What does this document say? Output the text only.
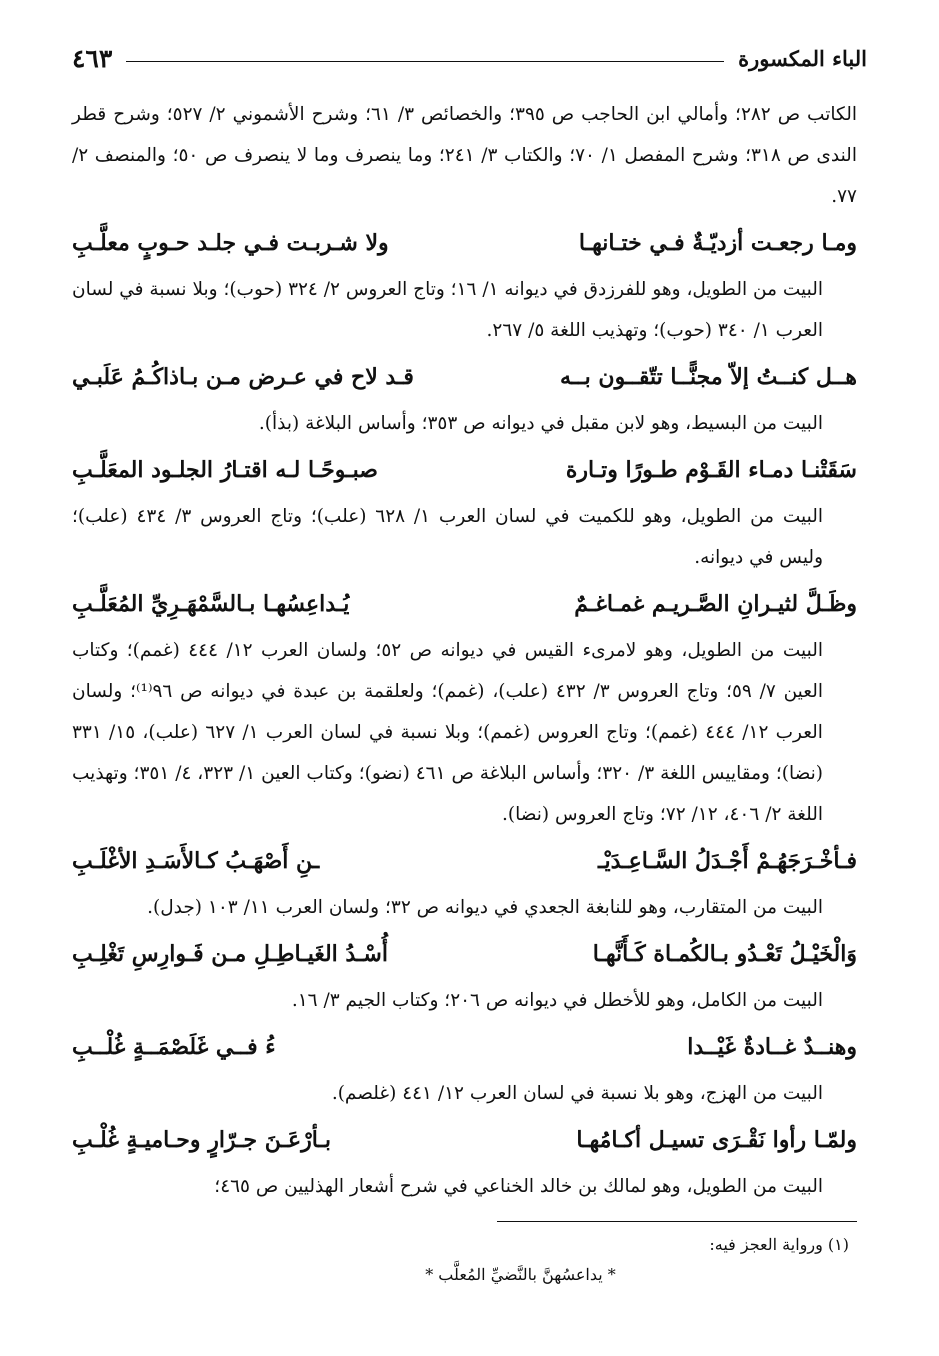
الباء المكسورة
٤٦٣

الكاتب ص ٢٨٢؛ وأمالي ابن الحاجب ص ٣٩٥؛ والخصائص ٣/ ٦١؛ وشرح الأشموني ٢/ ٥٢٧؛ وشرح قطر الندى ص ٣١٨؛ وشرح المفصل ١/ ٧٠؛ والكتاب ٣/ ٢٤١؛ وما ينصرف وما لا ينصرف ص ٥٠؛ والمنصف ٢/ ٧٧.

ومـا رجعـت أزديّـةٌ فـي ختـانهـا
ولا شـربـت فـي جلـد حـوبٍ معلَّـبِ

البيت من الطويل، وهو للفرزدق في ديوانه ١/ ١٦؛ وتاج العروس ٢/ ٣٢٤ (حوب)؛ وبلا نسبة في لسان العرب ١/ ٣٤٠ (حوب)؛ وتهذيب اللغة ٥/ ٢٦٧.

هــل كنــتُ إلاّ مجنًّــا تتّقــون بــه
قـد لاح في عـرض مـن بـاذاكُـمُ عَلَبـي

البيت من البسيط، وهو لابن مقبل في ديوانه ص ٣٥٣؛ وأساس البلاغة (بذأ).

سَقَتْنـا دمـاء القَـوْم طـورًا وتـارة
صبـوحًـا لـه اقتـارُ الجلـود المعَلَّـبِ

البيت من الطويل، وهو للكميت في لسان العرب ١/ ٦٢٨ (علب)؛ وتاج العروس ٣/ ٤٣٤ (علب)؛ وليس في ديوانه.

وظَـلَّ لثيـرانِ الصَّـريـم غمـاغـمٌ
يُـداعِسُهـا بـالسَّمْهَـرِيِّ المُعَلَّـبِ

البيت من الطويل، وهو لامرىء القيس في ديوانه ص ٥٢؛ ولسان العرب ١٢/ ٤٤٤ (غمم)؛ وكتاب العين ٧/ ٥٩؛ وتاج العروس ٣/ ٤٣٢ (علب)، (غمم)؛ ولعلقمة بن عبدة في ديوانه ص ٩٦⁽¹⁾؛ ولسان العرب ١٢/ ٤٤٤ (غمم)؛ وتاج العروس (غمم)؛ وبلا نسبة في لسان العرب ١/ ٦٢٧ (علب)، ١٥/ ٣٣١ (نضا)؛ ومقاييس اللغة ٣/ ٣٢٠؛ وأساس البلاغة ص ٤٦١ (نضو)؛ وكتاب العين ١/ ٣٢٣، ٤/ ٣٥١؛ وتهذيب اللغة ٢/ ٤٠٦، ١٢/ ٧٢؛ وتاج العروس (نضا).

فـأخْـرَجَهُـمْ أَجْـدَلُ السَّـاعِـدَيْـ
ـنِ أَصْهَـبُ كـالأَسَـدِ الأغْلَـبِ

البيت من المتقارب، وهو للنابغة الجعدي في ديوانه ص ٣٢؛ ولسان العرب ١١/ ١٠٣ (جدل).

وَالْخَيْـلُ تَعْـدُو بـالكُمـاة كَـأَنَّهـا
أُسْـدُ الغَيـاطِـلِ مـن فَـوارِسِ تَغْلِـبِ

البيت من الكامل، وهو للأخطل في ديوانه ص ٢٠٦؛ وكتاب الجيم ٣/ ١٦.

وهنــدٌ غــادةٌ غَيْــدا
ءُ فــي غَلَصْمَــةٍ غُلْــبِ

البيت من الهزج، وهو بلا نسبة في لسان العرب ١٢/ ٤٤١ (غلصم).

ولمّـا رأوا نَقْـرَى تسيـل أكـامُهـا
بـأرْعَـنَ جـرّارٍ وحـاميـةٍ غُلْـبِ

البيت من الطويل، وهو لمالك بن خالد الخناعي في شرح أشعار الهذليين ص ٤٦٥؛

(١) ورواية العجز فيه:

* يداعسُهنَّ بالنَّضيِّ المُعلَّب *
